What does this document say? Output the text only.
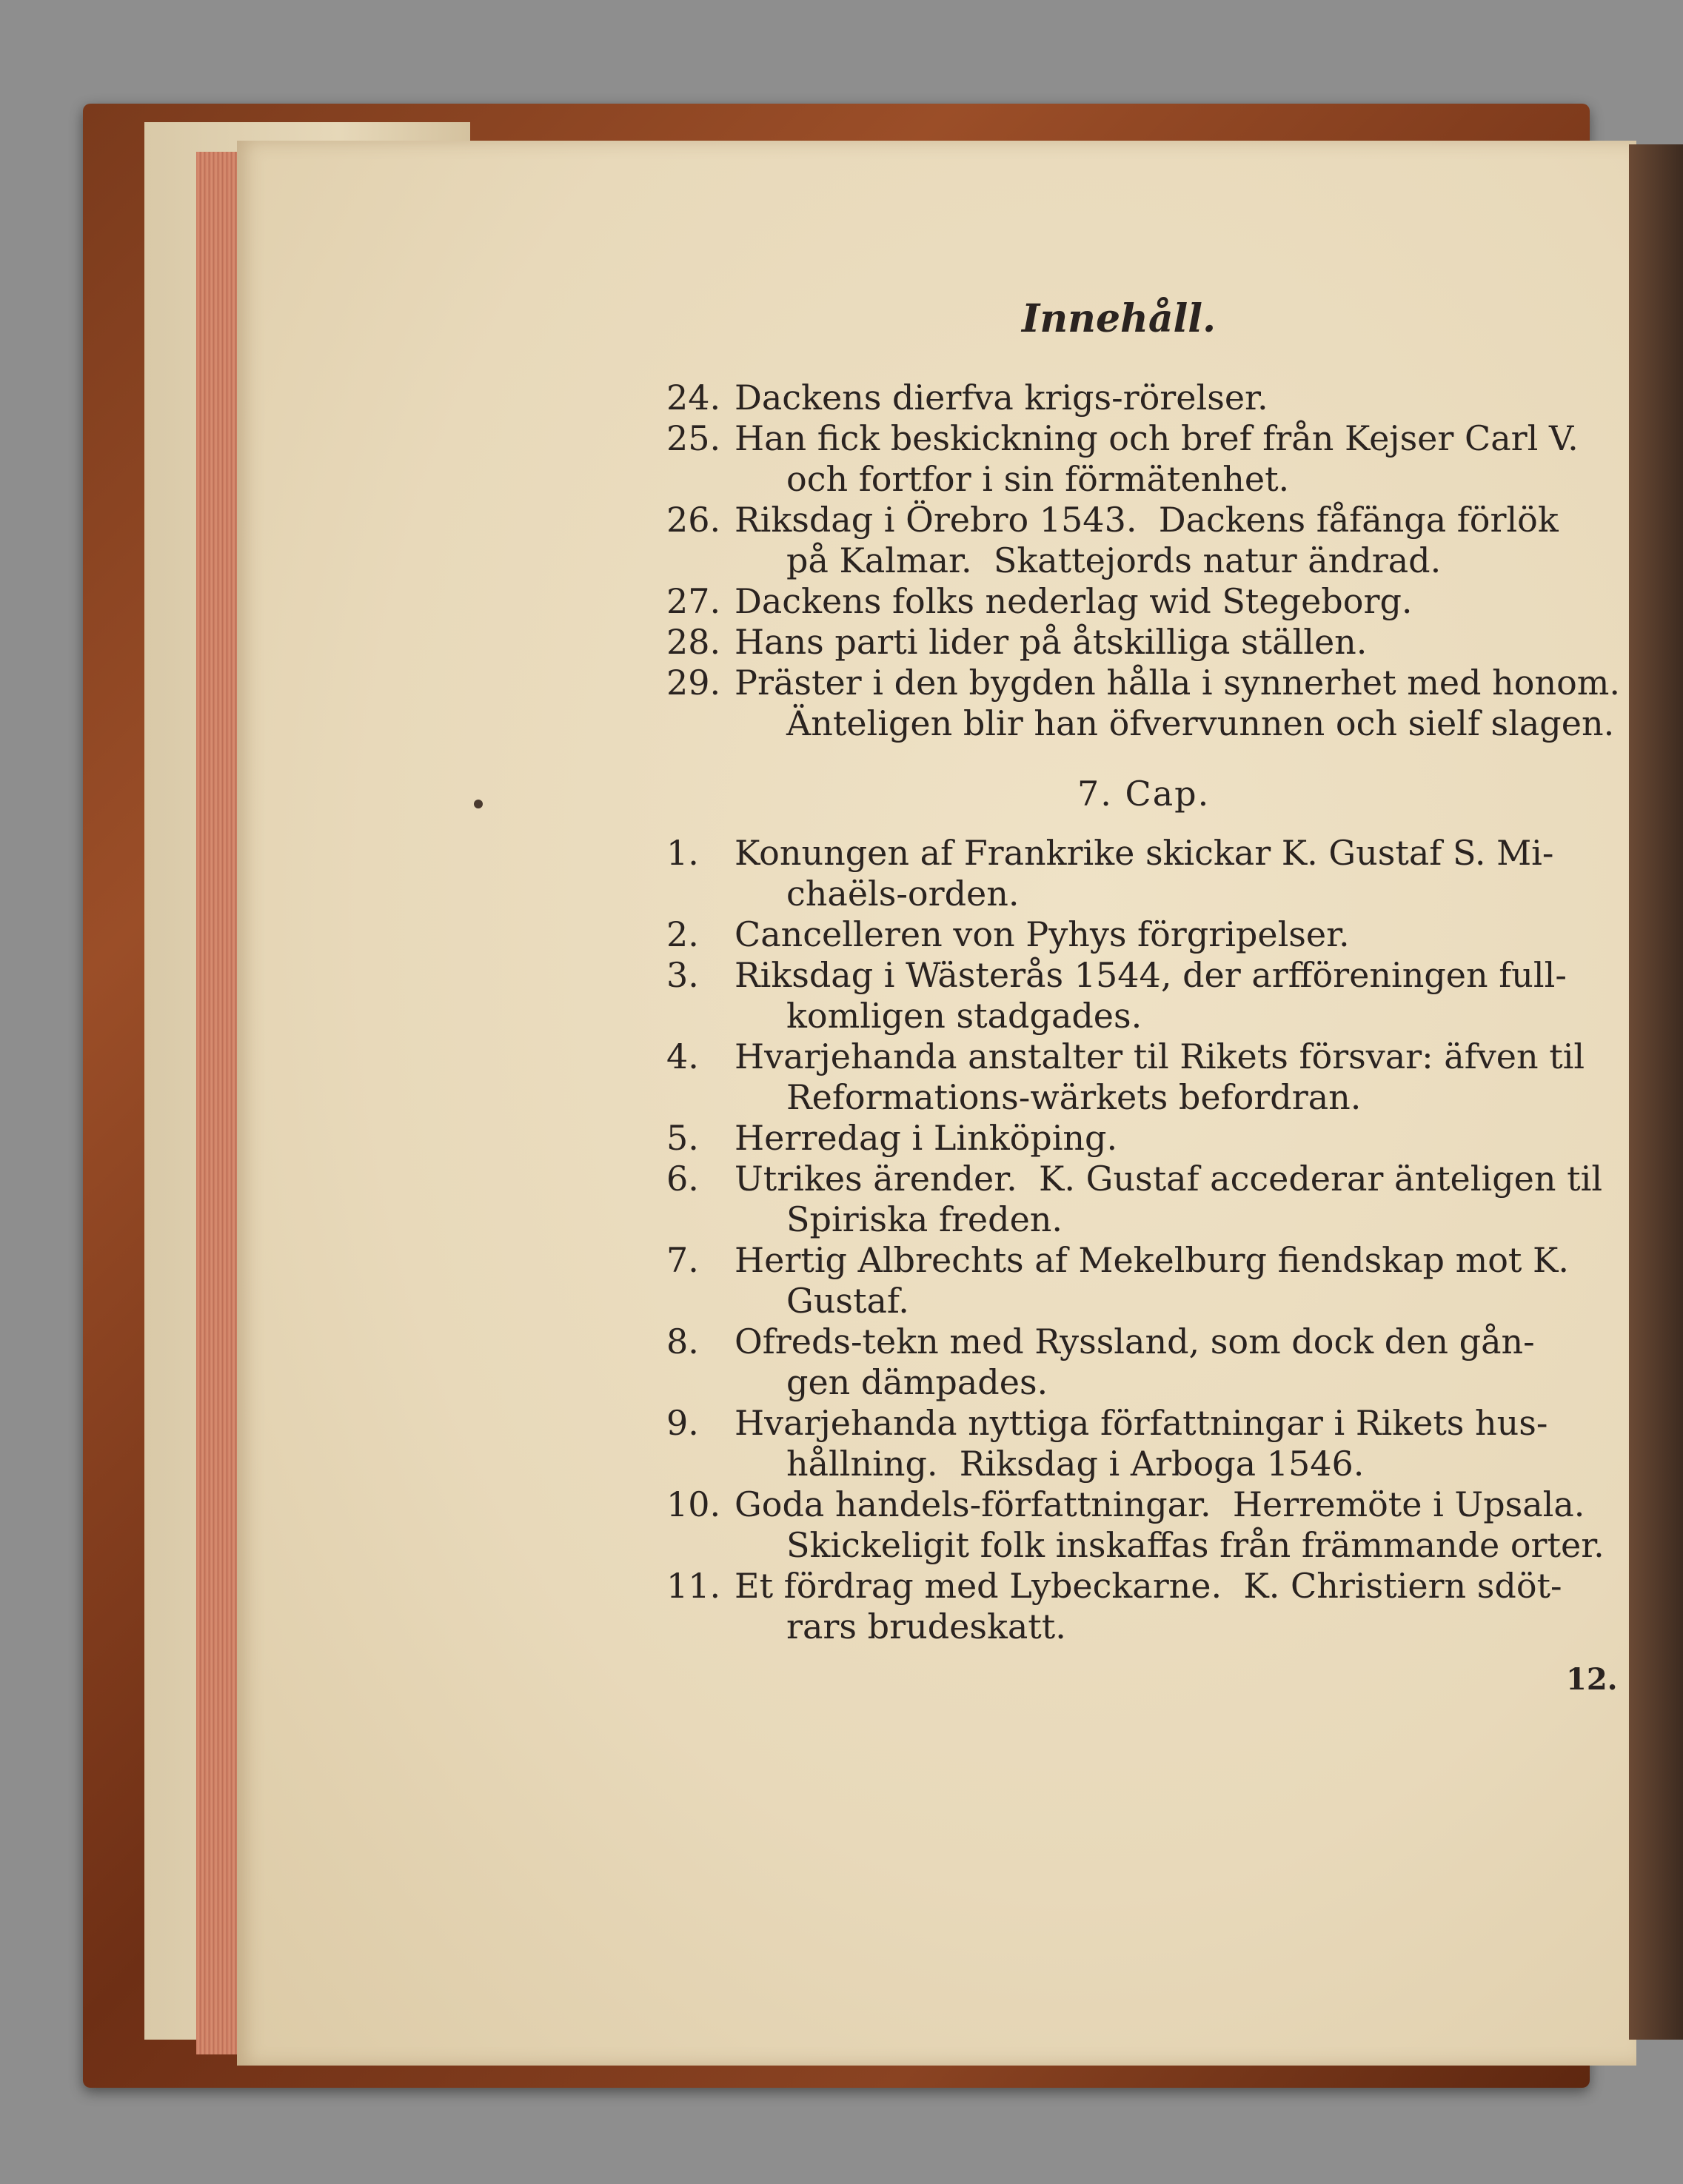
Innehåll.
24. Dackens dierfva krigs-rörelser.
25. Han fick beskickning och bref från Kejser Carl V.
och fortfor i sin förmätenhet.
26. Riksdag i Örebro 1543.  Dackens fåfänga förlök
på Kalmar.  Skattejords natur ändrad.
27. Dackens folks nederlag wid Stegeborg.
28. Hans parti lider på åtskilliga ställen.
29. Präster i den bygden hålla i synnerhet med honom.
Änteligen blir han öfvervunnen och sielf slagen.
7. Cap.
1. Konungen af Frankrike skickar K. Gustaf S. Mi-
chaëls-orden.
2. Cancelleren von Pyhys förgripelser.
3. Riksdag i Wästerås 1544, der arfföreningen full-
komligen stadgades.
4. Hvarjehanda anstalter til Rikets försvar: äfven til
Reformations-wärkets befordran.
5. Herredag i Linköping.
6. Utrikes ärender.  K. Gustaf accederar änteligen til
Spiriska freden.
7. Hertig Albrechts af Mekelburg fiendskap mot K.
Gustaf.
8. Ofreds-tekn med Ryssland, som dock den gån-
gen dämpades.
9. Hvarjehanda nyttiga författningar i Rikets hus-
hållning.  Riksdag i Arboga 1546.
10. Goda handels-författningar.  Herremöte i Upsala.
Skickeligit folk inskaffas från främmande orter.
11. Et fördrag med Lybeckarne.  K. Christiern sdöt-
rars brudeskatt.
12.
